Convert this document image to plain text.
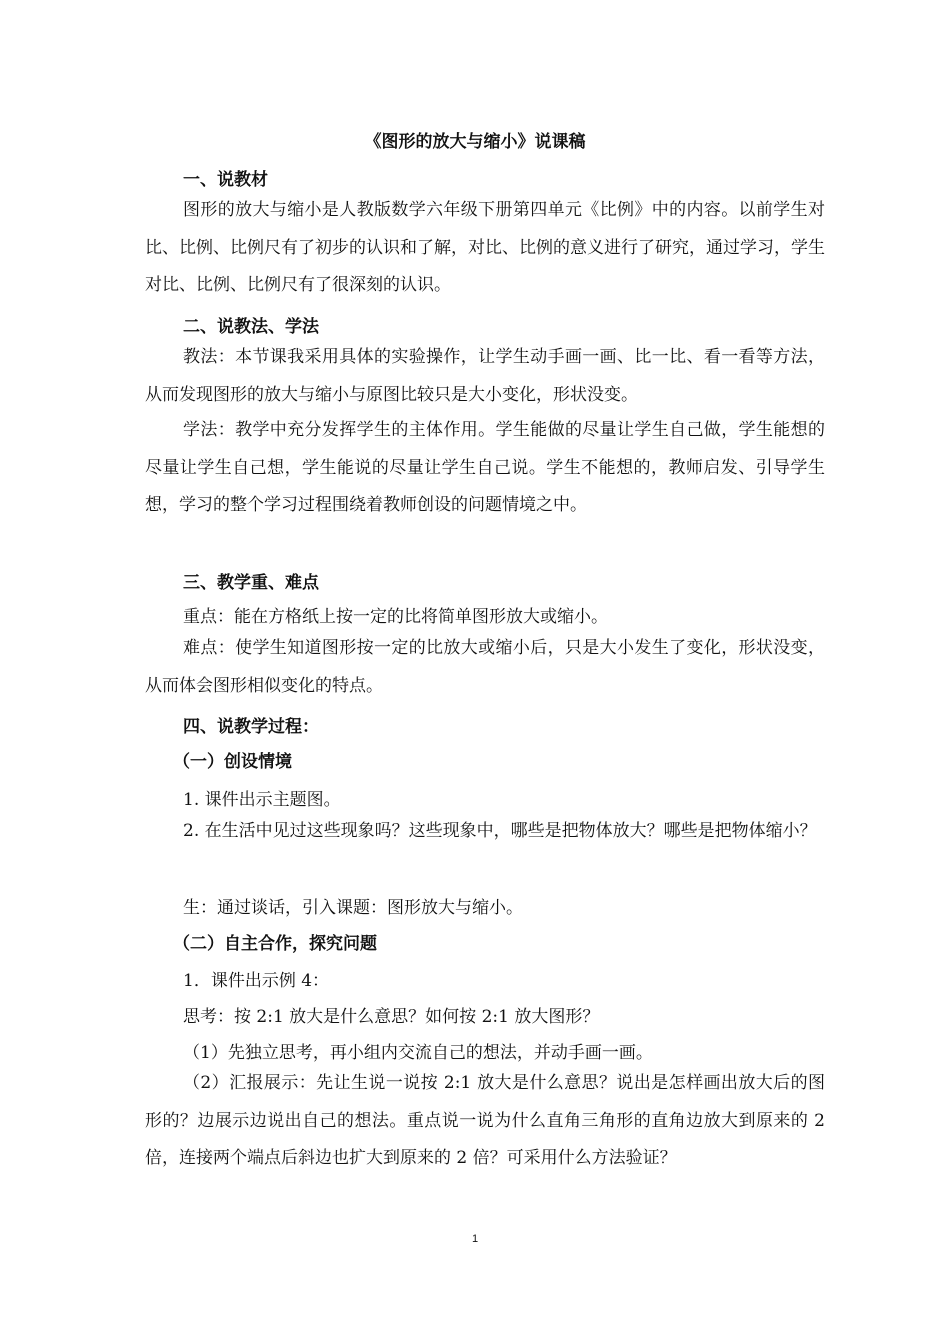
《图形的放大与缩小》说课稿
一、说教材

图形的放大与缩小是人教版数学六年级下册第四单元《比例》中的内容。以前学生对比、比例、比例尺有了初步的认识和了解，对比、比例的意义进行了研究，通过学习，学生对比、比例、比例尺有了很深刻的认识。

二、说教法、学法

教法：本节课我采用具体的实验操作，让学生动手画一画、比一比、看一看等方法，从而发现图形的放大与缩小与原图比较只是大小变化，形状没变。

学法：教学中充分发挥学生的主体作用。学生能做的尽量让学生自己做，学生能想的尽量让学生自己想，学生能说的尽量让学生自己说。学生不能想的，教师启发、引导学生想，学习的整个学习过程围绕着教师创设的问题情境之中。

三、教学重、难点
重点：能在方格纸上按一定的比将简单图形放大或缩小。

难点：使学生知道图形按一定的比放大或缩小后，只是大小发生了变化，形状没变，从而体会图形相似变化的特点。

四、说教学过程：
（一）创设情境
1. 课件出示主题图。

2. 在生活中见过这些现象吗？这些现象中，哪些是把物体放大？哪些是把物体缩小？

生：通过谈话，引入课题：图形放大与缩小。
（二）自主合作，探究问题
1．课件出示例 4：
思考：按 2:1 放大是什么意思？如何按 2:1 放大图形？
（1）先独立思考，再小组内交流自己的想法，并动手画一画。

（2）汇报展示：先让生说一说按 2:1 放大是什么意思？说出是怎样画出放大后的图形的？边展示边说出自己的想法。重点说一说为什么直角三角形的直角边放大到原来的 2 倍，连接两个端点后斜边也扩大到原来的 2 倍？可采用什么方法验证？

1
